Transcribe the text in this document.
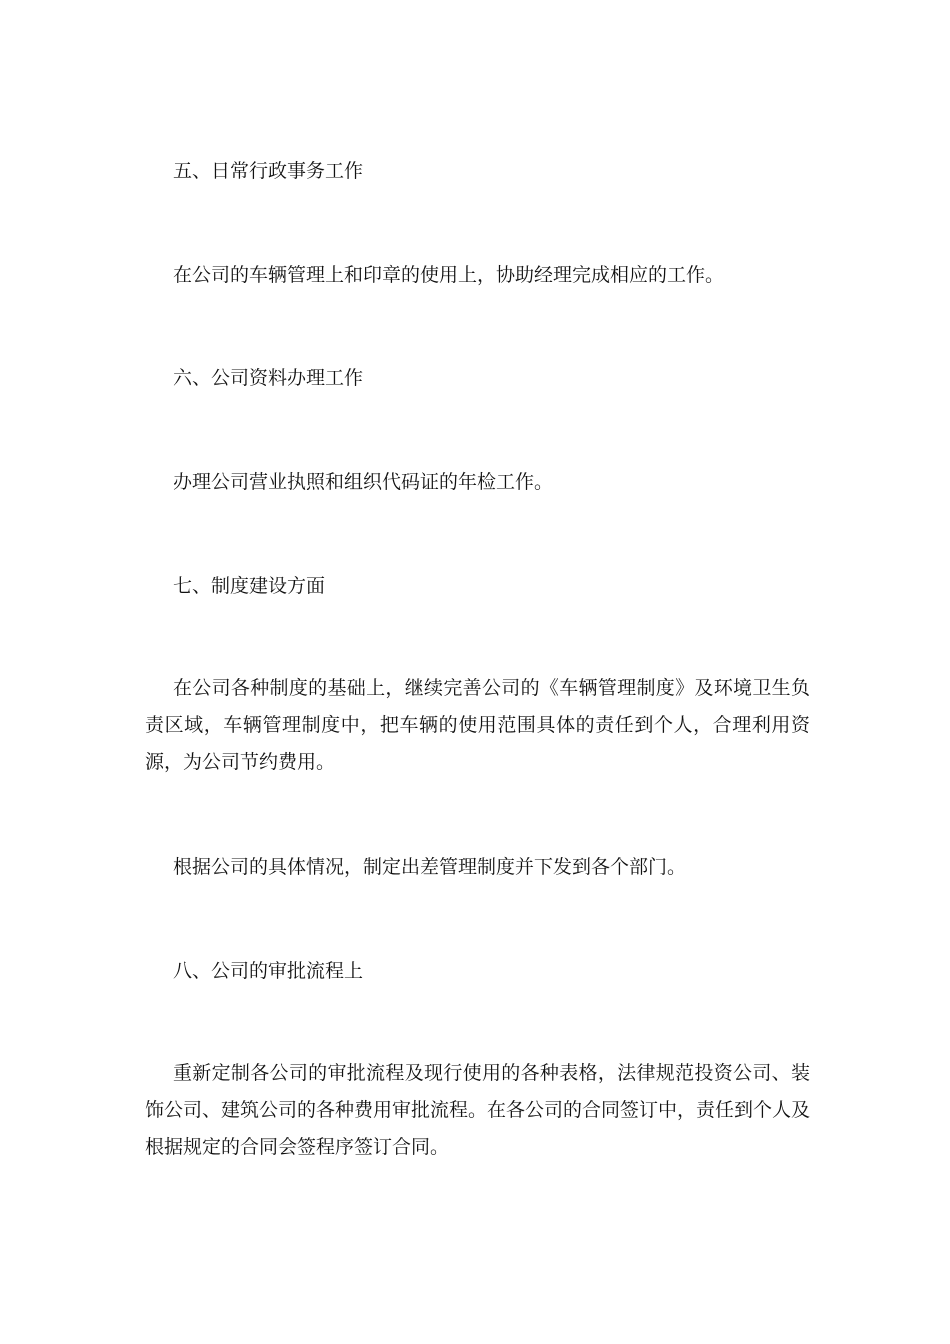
五、日常行政事务工作

在公司的车辆管理上和印章的使用上，协助经理完成相应的工作。

六、公司资料办理工作

办理公司营业执照和组织代码证的年检工作。

七、制度建设方面

在公司各种制度的基础上，继续完善公司的《车辆管理制度》及环境卫生负责区域，车辆管理制度中，把车辆的使用范围具体的责任到个人，合理利用资源，为公司节约费用。

根据公司的具体情况，制定出差管理制度并下发到各个部门。

八、公司的审批流程上

重新定制各公司的审批流程及现行使用的各种表格，法律规范投资公司、装饰公司、建筑公司的各种费用审批流程。在各公司的合同签订中，责任到个人及根据规定的合同会签程序签订合同。
